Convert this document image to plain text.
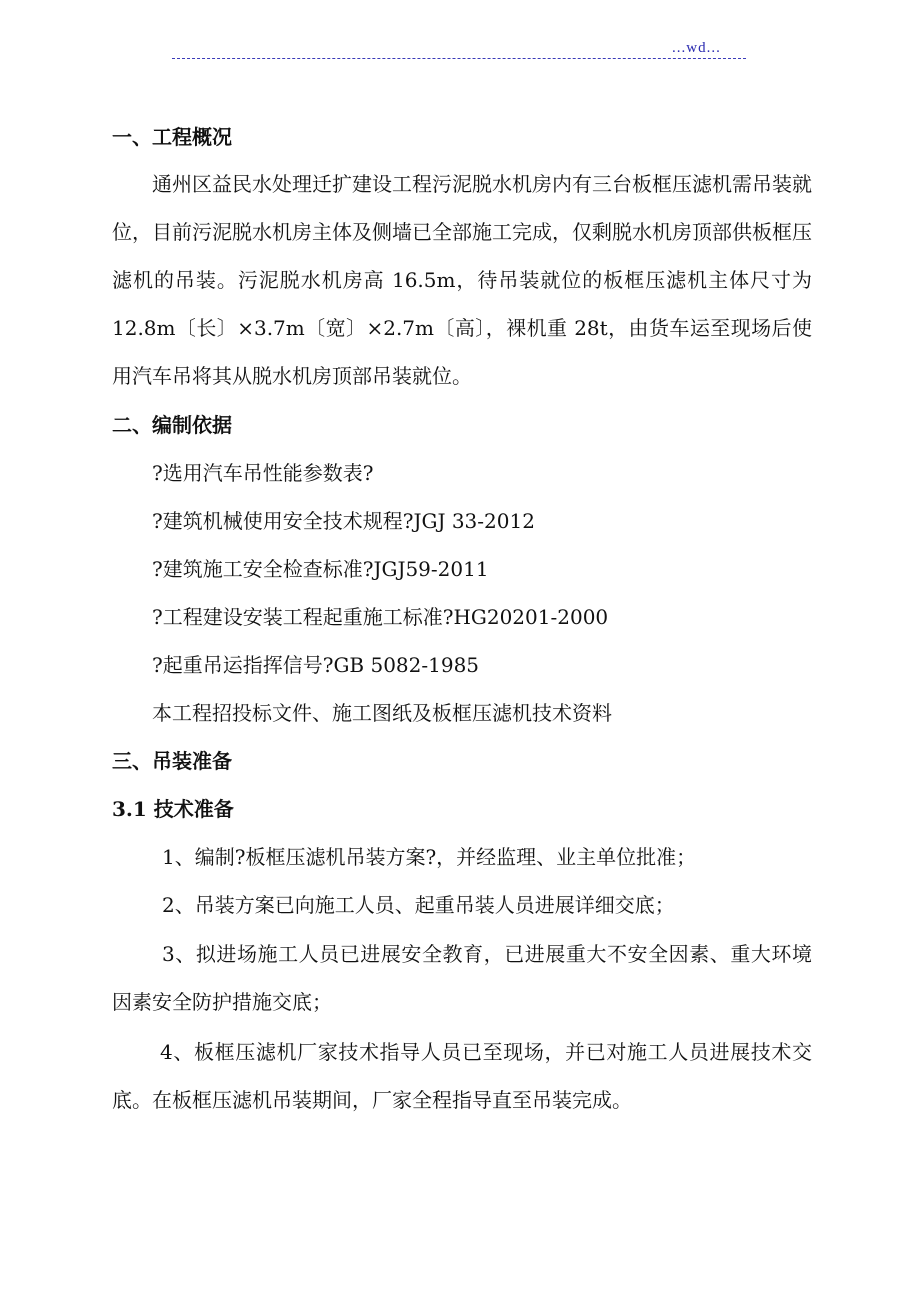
...wd...
一、工程概况

通州区益民水处理迁扩建设工程污泥脱水机房内有三台板框压滤机需吊装就位，目前污泥脱水机房主体及侧墙已全部施工完成，仅剩脱水机房顶部供板框压滤机的吊装。污泥脱水机房高 16.5m，待吊装就位的板框压滤机主体尺寸为 12.8m〔长〕×3.7m〔宽〕×2.7m〔高〕，裸机重 28t，由货车运至现场后使用汽车吊将其从脱水机房顶部吊装就位。

二、编制依据

?选用汽车吊性能参数表?

?建筑机械使用安全技术规程?JGJ 33-2012

?建筑施工安全检查标准?JGJ59-2011

?工程建设安装工程起重施工标准?HG20201-2000

?起重吊运指挥信号?GB 5082-1985

本工程招投标文件、施工图纸及板框压滤机技术资料

三、吊装准备
3.1 技术准备

1、编制?板框压滤机吊装方案?，并经监理、业主单位批准；

2、吊装方案已向施工人员、起重吊装人员进展详细交底；

3、拟进场施工人员已进展安全教育，已进展重大不安全因素、重大环境因素安全防护措施交底；

4、板框压滤机厂家技术指导人员已至现场，并已对施工人员进展技术交底。在板框压滤机吊装期间，厂家全程指导直至吊装完成。
